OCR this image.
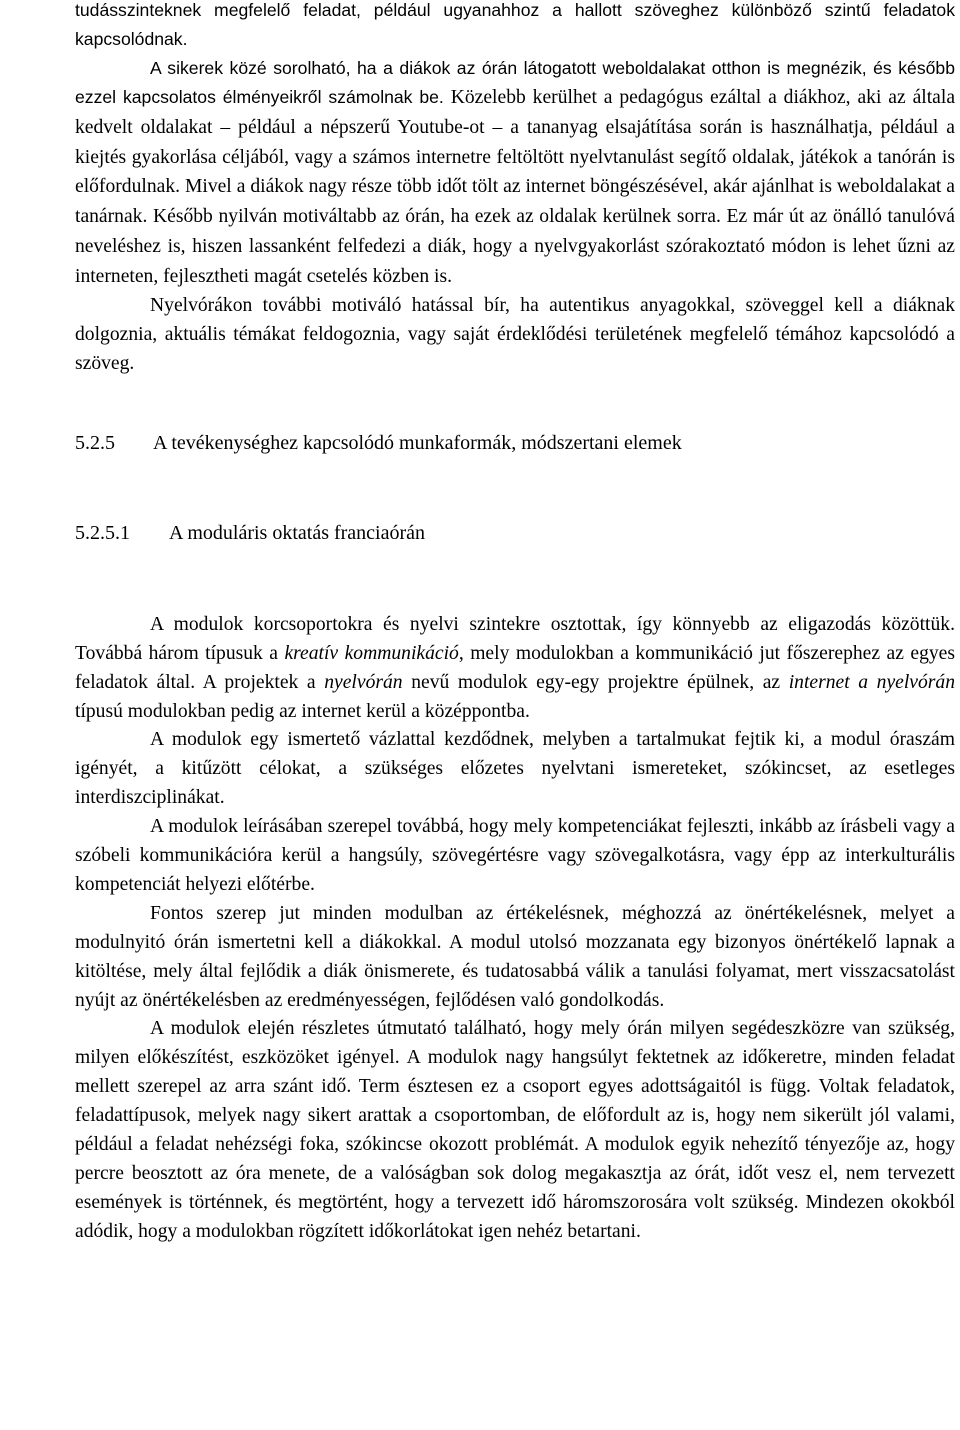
tudásszinteknek megfelelő feladat, például ugyanahhoz a hallott szöveghez különböző szintű feladatok kapcsolódnak.

A sikerek közé sorolható, ha a diákok az órán látogatott weboldalakat otthon is megnézik, és később ezzel kapcsolatos élményeikről számolnak be. Közelebb kerülhet a pedagógus ezáltal a diákhoz, aki az általa kedvelt oldalakat – például a népszerű Youtube-ot – a tananyag elsajátítása során is használhatja, például a kiejtés gyakorlása céljából, vagy a számos internetre feltöltött nyelvtanulást segítő oldalak, játékok a tanórán is előfordulnak. Mivel a diákok nagy része több időt tölt az internet böngészésével, akár ajánlhat is weboldalakat a tanárnak. Később nyilván motiváltabb az órán, ha ezek az oldalak kerülnek sorra. Ez már út az önálló tanulóvá neveléshez is, hiszen lassanként felfedezi a diák, hogy a nyelvgyakorlást szórakoztató módon is lehet űzni az interneten, fejlesztheti magát csetelés közben is.

Nyelvórákon további motiváló hatással bír, ha autentikus anyagokkal, szöveggel kell a diáknak dolgoznia, aktuális témákat feldogoznia, vagy saját érdeklődési területének megfelelő témához kapcsolódó a szöveg.

5.2.5	A tevékenységhez kapcsolódó munkaformák, módszertani elemek
5.2.5.1	A moduláris oktatás franciaórán

A modulok korcsoportokra és nyelvi szintekre osztottak, így könnyebb az eligazodás közöttük. Továbbá három típusuk a kreatív kommunikáció, mely modulokban a kommunikáció jut főszerephez az egyes feladatok által. A projektek a nyelvórán nevű modulok egy-egy projektre épülnek, az internet a nyelvórán típusú modulokban pedig az internet kerül a középpontba.

A modulok egy ismertető vázlattal kezdődnek, melyben a tartalmukat fejtik ki, a modul óraszám igényét, a kitűzött célokat, a szükséges előzetes nyelvtani ismereteket, szókincset, az esetleges interdiszciplinákat.

A modulok leírásában szerepel továbbá, hogy mely kompetenciákat fejleszti, inkább az írásbeli vagy a szóbeli kommunikációra kerül a hangsúly, szövegértésre vagy szövegalkotásra, vagy épp az interkulturális kompetenciát helyezi előtérbe.

Fontos szerep jut minden modulban az értékelésnek, méghozzá az önértékelésnek, melyet a modulnyitó órán ismertetni kell a diákokkal. A modul utolsó mozzanata egy bizonyos önértékelő lapnak a kitöltése, mely által fejlődik a diák önismerete, és tudatosabbá válik a tanulási folyamat, mert visszacsatolást nyújt az önértékelésben az eredményességen, fejlődésen való gondolkodás.

A modulok elején részletes útmutató található, hogy mely órán milyen segédeszközre van szükség, milyen előkészítést, eszközöket igényel. A modulok nagy hangsúlyt fektetnek az időkeretre, minden feladat mellett szerepel az arra szánt idő. Term észtesen ez a csoport egyes adottságaitól is függ. Voltak feladatok, feladattípusok, melyek nagy sikert arattak a csoportomban, de előfordult az is, hogy nem sikerült jól valami, például a feladat nehézségi foka, szókincse okozott problémát. A modulok egyik nehezítő tényezője az, hogy percre beosztott az óra menete, de a valóságban sok dolog megakasztja az órát, időt vesz el, nem tervezett események is történnek, és megtörtént, hogy a tervezett idő háromszorosára volt szükség. Mindezen okokból adódik, hogy a modulokban rögzített időkorlátokat igen nehéz betartani.
